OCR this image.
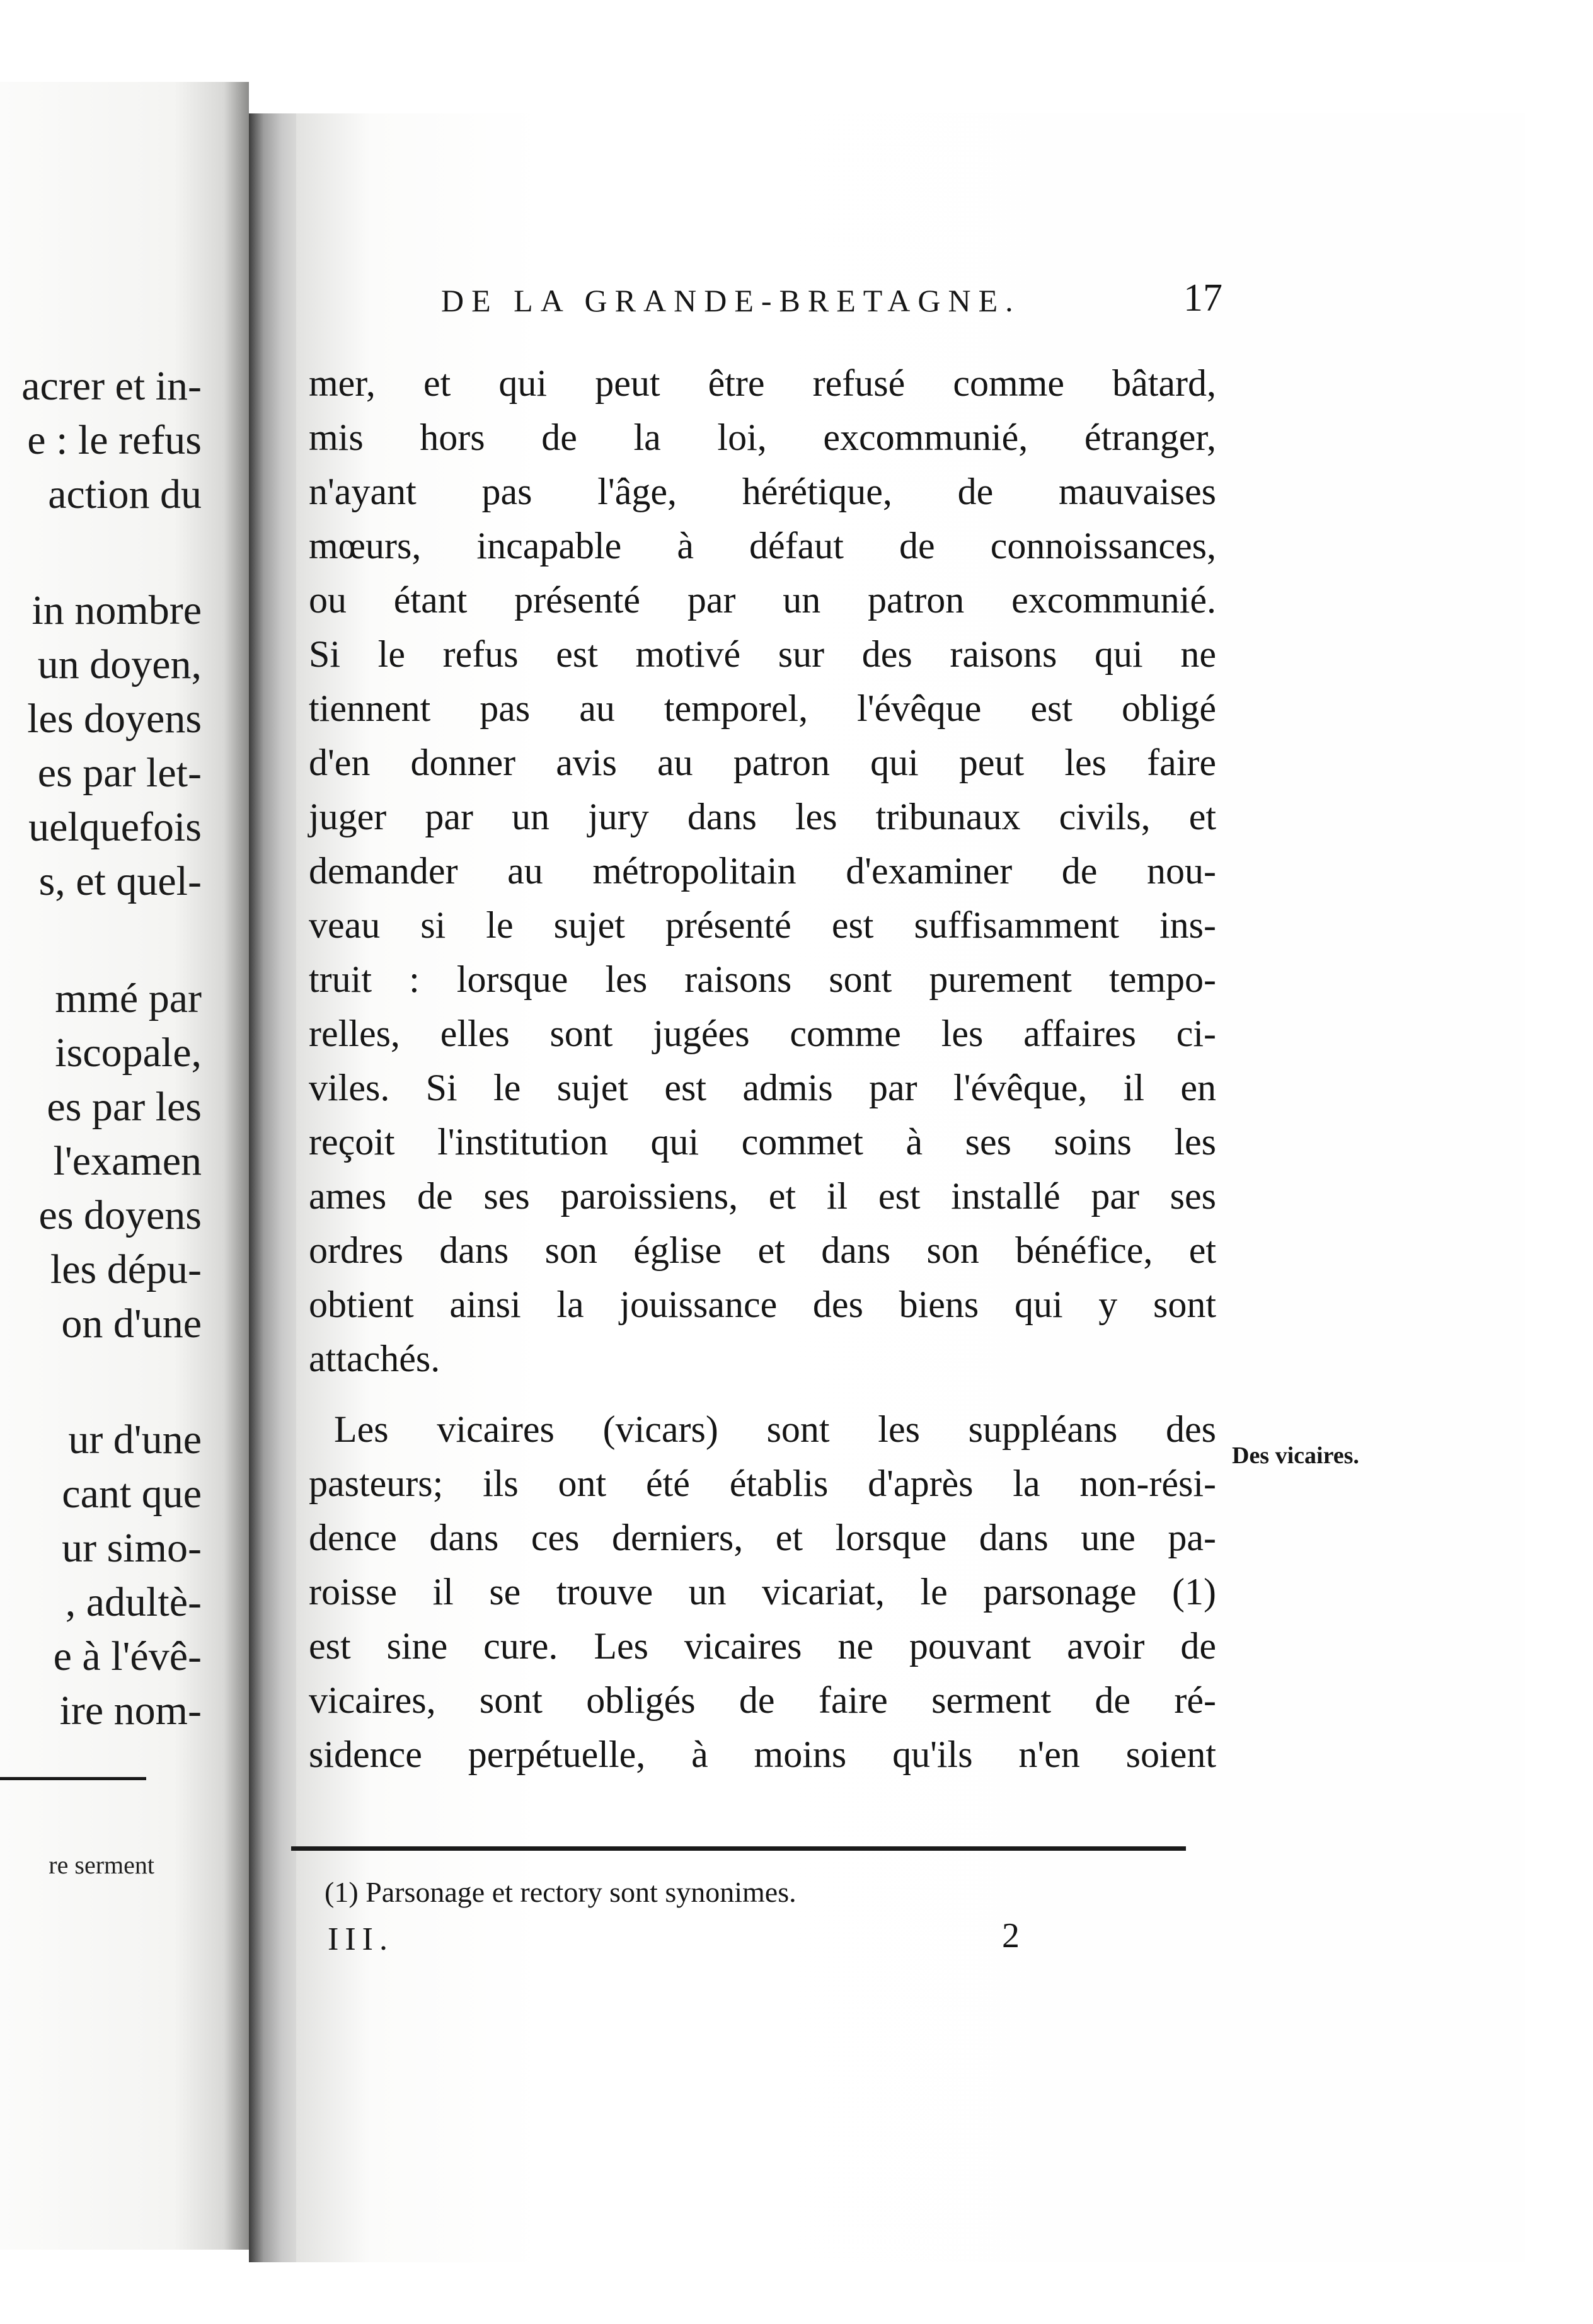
acrer et in-
e : le refus
action du
in nombre
un doyen,
les doyens
es par let-
uelquefois
s, et quel-
mmé par
iscopale,
es par les
l'examen
es doyens
les dépu-
on d'une
ur d'une
cant que
ur simo-
, adultè-
e à l'évê-
ire nom-
re serment
DE LA GRANDE-BRETAGNE.	17
mer, et qui peut être refusé comme bâtard,
mis hors de la loi, excommunié, étranger,
n'ayant pas l'âge, hérétique, de mauvaises
mœurs, incapable à défaut de connoissances,
ou étant présenté par un patron excommunié.
Si le refus est motivé sur des raisons qui ne
tiennent pas au temporel, l'évêque est obligé
d'en donner avis au patron qui peut les faire
juger par un jury dans les tribunaux civils, et
demander au métropolitain d'examiner de nou-
veau si le sujet présenté est suffisamment ins-
truit : lorsque les raisons sont purement tempo-
relles, elles sont jugées comme les affaires ci-
viles. Si le sujet est admis par l'évêque, il en
reçoit l'institution qui commet à ses soins les
ames de ses paroissiens, et il est installé par ses
ordres dans son église et dans son bénéfice, et
obtient ainsi la jouissance des biens qui y sont
attachés.
Les vicaires (vicars) sont les suppléans des
pasteurs; ils ont été établis d'après la non-rési-
dence dans ces derniers, et lorsque dans une pa-
roisse il se trouve un vicariat, le parsonage (1)
est sine cure. Les vicaires ne pouvant avoir de
vicaires, sont obligés de faire serment de ré-
sidence perpétuelle, à moins qu'ils n'en soient
Des vicaires.
(1) Parsonage et rectory sont synonimes.
III.	2
